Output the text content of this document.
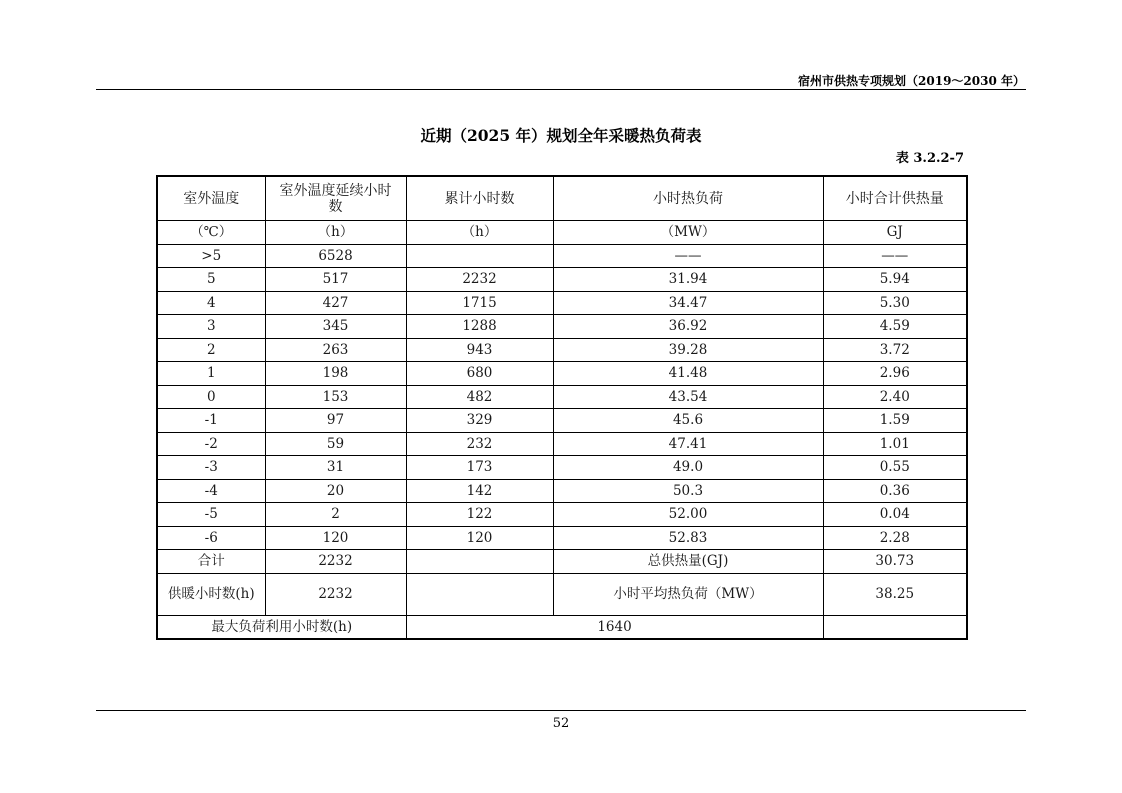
宿州市供热专项规划（2019～2030 年）
近期（2025 年）规划全年采暖热负荷表
表 3.2.2-7
室外温度	室外温度延续小时数	累计小时数	小时热负荷	小时合计供热量
（℃）	（h）	（h）	（MW）	GJ
>5	6528		——	——
5	517	2232	31.94	5.94
4	427	1715	34.47	5.30
3	345	1288	36.92	4.59
2	263	943	39.28	3.72
1	198	680	41.48	2.96
0	153	482	43.54	2.40
-1	97	329	45.6	1.59
-2	59	232	47.41	1.01
-3	31	173	49.0	0.55
-4	20	142	50.3	0.36
-5	2	122	52.00	0.04
-6	120	120	52.83	2.28
合计	2232		总供热量(GJ)	30.73
供暖小时数(h)	2232		小时平均热负荷（MW）	38.25
最大负荷利用小时数(h)		1640		
52
